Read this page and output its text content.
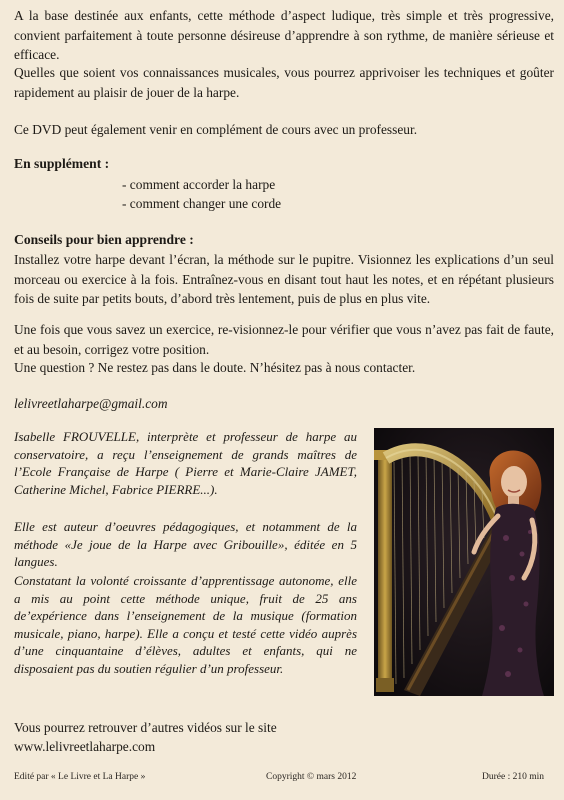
A la base destinée aux enfants, cette méthode d’aspect ludique, très simple et très progressive, convient parfaitement à toute personne désireuse d’apprendre à son rythme, de manière sérieuse et efficace.

Quelles que soient vos connaissances musicales, vous pourrez apprivoiser les techniques et goûter rapidement au plaisir de jouer de la harpe.

Ce DVD peut également venir en complément de cours avec un professeur.

En supplément :

- comment accorder la harpe

- comment changer une corde

Conseils pour bien apprendre :

Installez votre harpe devant l’écran, la méthode sur le pupitre. Visionnez les explications d’un seul morceau ou exercice à la fois. Entraînez-vous en disant tout haut les notes, et en répétant plusieurs fois de suite par petits bouts, d’abord très lentement, puis de plus en plus vite.

Une fois que vous savez un exercice, re-visionnez-le pour vérifier que vous n’avez pas fait de faute, et au besoin, corrigez votre position.

Une question ? Ne restez pas dans le doute. N’hésitez pas à nous contacter.

lelivreetlaharpe@gmail.com

Isabelle FROUVELLE, interprète et professeur de harpe au conservatoire, a reçu l’enseignement de grands maîtres de l’Ecole Française de Harpe ( Pierre et Marie-Claire JAMET, Catherine Michel, Fabrice PIERRE...).

Elle est auteur d’oeuvres pédagogiques, et notamment de la méthode «Je joue de la Harpe avec Gribouille», éditée en 5 langues.

Constatant la volonté croissante d’apprentissage autonome, elle a mis au point cette méthode unique, fruit de 25 ans de’expérience dans l’enseignement de la musique (formation musicale, piano, harpe). Elle a conçu et testé cette vidéo auprès d’une cinquantaine d’élèves, adultes et enfants, qui ne disposaient pas du soutien régulier d’un professeur.

Vous pourrez retrouver d’autres vidéos sur le site

www.lelivreetlaharpe.com

Edité par « Le Livre et La Harpe »	Copyright © mars 2012	Durée : 210 min
